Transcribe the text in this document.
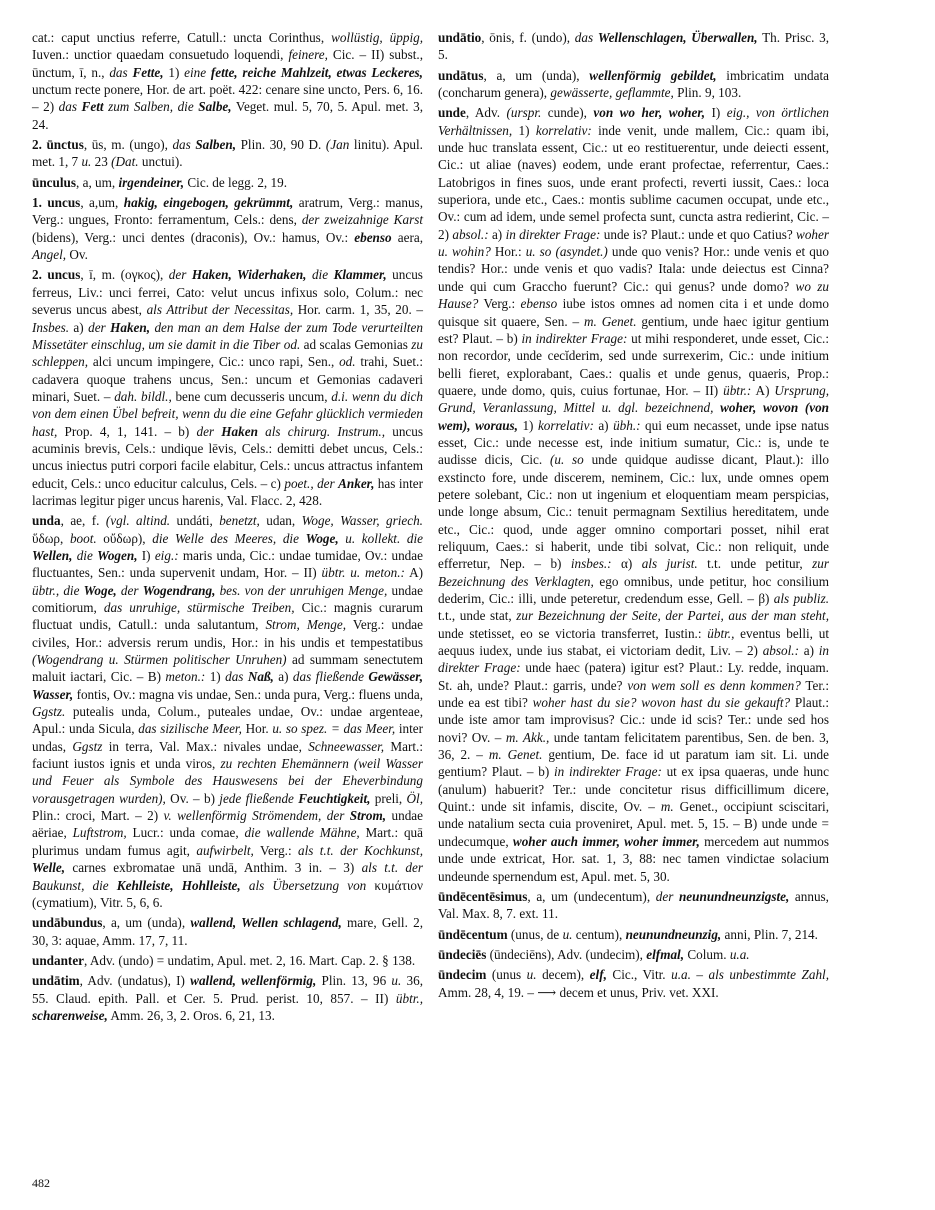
cat.: caput unctius referre, Catull.: uncta Corinthus, wollüstig, üppig, Iuven.: unctior quaedam consuetudo loquendi, feinere, Cic. – II) subst., ūnctum, ī, n., das Fette, 1) eine fette, reiche Mahlzeit, etwas Leckeres, unctum recte ponere, Hor. de art. poët. 422: cenare sine uncto, Pers. 6, 16. – 2) das Fett zum Salben, die Salbe, Veget. mul. 5, 70, 5. Apul. met. 3, 24.

2. ūnctus, ūs, m. (ungo), das Salben, Plin. 30, 90 D. (Jan linitu). Apul. met. 1, 7 u. 23 (Dat. unctui).

ūnculus, a, um, irgendeiner, Cic. de legg. 2, 19.

1. uncus, a,um, hakig, eingebogen, gekrümmt, aratrum, Verg.: manus, Verg.: ungues, Fronto: ferramentum, Cels.: dens, der zweizahnige Karst (bidens), Verg.: unci dentes (draconis), Ov.: hamus, Ov.: ebenso aera, Angel, Ov.

2. uncus, ī, m. (ογκος), der Haken, Widerhaken, die Klammer, uncus ferreus, Liv.: unci ferrei, Cato: velut uncus infixus solo, Colum.: nec severus uncus abest, als Attribut der Necessitas, Hor. carm. 1, 35, 20. – Insbes. a) der Haken, den man an dem Halse der zum Tode verurteilten Missetäter einschlug, um sie damit in die Tiber od. ad scalas Gemonias zu schleppen, alci uncum impingere, Cic.: unco rapi, Sen., od. trahi, Suet.: cadavera quoque trahens uncus, Sen.: uncum et Gemonias cadaveri minari, Suet. – dah. bildl., bene cum decusseris uncum, d.i. wenn du dich von dem einen Übel befreit, wenn du die eine Gefahr glücklich vermieden hast, Prop. 4, 1, 141. – b) der Haken als chirurg. Instrum., uncus acuminis brevis, Cels.: undique lēvis, Cels.: demitti debet uncus, Cels.: uncus iniectus putri corpori facile elabitur, Cels.: uncus attractus infantem educit, Cels.: unco educitur calculus, Cels. – c) poet., der Anker, has inter lacrimas legitur piger uncus harenis, Val. Flacc. 2, 428.

unda, ae, f. (vgl. altind. undáti, benetzt, udan, Woge, Wasser, griech. ὕδωρ, boot. οὔδωρ), die Welle des Meeres, die Woge, u. kollekt. die Wellen, die Wogen, I) eig.: maris unda, Cic.: undae tumidae, Ov.: undae fluctuantes, Sen.: unda supervenit undam, Hor. – II) übtr. u. meton.: A) übtr., die Woge, der Wogendrang, bes. von der unruhigen Menge, undae comitiorum, das unruhige, stürmische Treiben, Cic.: magnis curarum fluctuat undis, Catull.: unda salutantum, Strom, Menge, Verg.: undae civiles, Hor.: adversis rerum undis, Hor.: in his undis et tempestatibus (Wogendrang u. Stürmen politischer Unruhen) ad summam senectutem maluit iactari, Cic. – B) meton.: 1) das Naß, a) das fließende Gewässer, Wasser, fontis, Ov.: magna vis undae, Sen.: unda pura, Verg.: fluens unda, Ggstz. putealis unda, Colum., puteales undae, Ov.: undae argenteae, Apul.: unda Sicula, das sizilische Meer, Hor. u. so spez. = das Meer, inter undas, Ggstz in terra, Val. Max.: nivales undae, Schneewasser, Mart.: faciunt iustos ignis et unda viros, zu rechten Ehemännern (weil Wasser und Feuer als Symbole des Hauswesens bei der Eheverbindung vorausgetragen wurden), Ov. – b) jede fließende Feuchtigkeit, preli, Öl, Plin.: croci, Mart. – 2) v. wellenförmig Strömendem, der Strom, undae aëriae, Luftstrom, Lucr.: unda comae, die wallende Mähne, Mart.: quā plurimus undam fumus agit, aufwirbelt, Verg.: als t.t. der Kochkunst, Welle, carnes exbromatae unā undā, Anthim. 3 in. – 3) als t.t. der Baukunst, die Kehlleiste, Hohlleiste, als Übersetzung von κυμάτιον (cymatium), Vitr. 5, 6, 6.

undābundus, a, um (unda), wallend, Wellen schlagend, mare, Gell. 2, 30, 3: aquae, Amm. 17, 7, 11.

undanter, Adv. (undo) = undatim, Apul. met. 2, 16. Mart. Cap. 2. § 138.

undātim, Adv. (undatus), I) wallend, wellenförmig, Plin. 13, 96 u. 36, 55. Claud. epith. Pall. et Cer. 5. Prud. perist. 10, 857. – II) übtr., scharenweise, Amm. 26, 3, 2. Oros. 6, 21, 13.

undātio, ōnis, f. (undo), das Wellenschlagen, Überwallen, Th. Prisc. 3, 5.

undātus, a, um (unda), wellenförmig gebildet, imbricatim undata (concharum genera), gewässerte, geflammte, Plin. 9, 103.

unde, Adv. (urspr. cunde), von wo her, woher, I) eig., von örtlichen Verhältnissen, 1) korrelativ: inde venit, unde mallem, Cic.: quam ibi, unde huc translata essent, Cic.: ut eo restituerentur, unde deiecti essent, Cic.: ut aliae (naves) eodem, unde erant profectae, referrentur, Caes.: Latobrigos in fines suos, unde erant profecti, reverti iussit, Caes.: loca superiora, unde etc., Caes.: montis sublime cacumen occupat, unde etc., Ov.: cum ad idem, unde semel profecta sunt, cuncta astra redierint, Cic. – 2) absol.: a) in direkter Frage: unde is? Plaut.: unde et quo Catius? woher u. wohin? Hor.: u. so (asyndet.) unde quo venis? Hor.: unde venis et quo tendis? Hor.: unde venis et quo vadis? Itala: unde deiectus est Cinna? unde qui cum Graccho fuerunt? Cic.: qui genus? unde domo? wo zu Hause? Verg.: ebenso iube istos omnes ad nomen cita i et unde domo quisque sit quaere, Sen. – m. Genet. gentium, unde haec igitur gentium est? Plaut. – b) in indirekter Frage: ut mihi responderet, unde esset, Cic.: non recordor, unde cecĭderim, sed unde surrexerim, Cic.: unde initium belli fieret, explorabant, Caes.: qualis et unde genus, quaeris, Prop.: quaere, unde domo, quis, cuius fortunae, Hor. – II) übtr.: A) Ursprung, Grund, Veranlassung, Mittel u. dgl. bezeichnend, woher, wovon (von wem), woraus, 1) korrelativ: a) übh.: qui eum necasset, unde ipse natus esset, Cic.: unde necesse est, inde initium sumatur, Cic.: is, unde te audisse dicis, Cic. (u. so unde quidque audisse dicant, Plaut.): illo exstincto fore, unde discerem, neminem, Cic.: lux, unde omnes opem petere solebant, Cic.: non ut ingenium et eloquentiam meam perspicias, unde longe absum, Cic.: tenuit permagnam Sextilius hereditatem, unde etc., Cic.: quod, unde agger omnino comportari posset, nihil erat reliquum, Caes.: si haberit, unde tibi solvat, Cic.: non reliquit, unde efferretur, Nep. – b) insbes.: α) als jurist. t.t. unde petitur, zur Bezeichnung des Verklagten, ego omnibus, unde petitur, hoc consilium dederim, Cic.: illi, unde peteretur, credendum esse, Gell. – β) als publiz. t.t., unde stat, zur Bezeichnung der Seite, der Partei, aus der man steht, unde stetisset, eo se victoria transferret, Iustin.: übtr., eventus belli, ut aequus iudex, unde ius stabat, ei victoriam dedit, Liv. – 2) absol.: a) in direkter Frage: unde haec (patera) igitur est? Plaut.: Ly. redde, inquam. St. ah, unde? Plaut.: garris, unde? von wem soll es denn kommen? Ter.: unde ea est tibi? woher hast du sie? wovon hast du sie gekauft? Plaut.: unde iste amor tam improvisus? Cic.: unde id scis? Ter.: unde sed hos novi? Ov. – m. Akk., unde tantam felicitatem parentibus, Sen. de ben. 3, 36, 2. – m. Genet. gentium, De. face id ut paratum iam sit. Li. unde gentium? Plaut. – b) in indirekter Frage: ut ex ipsa quaeras, unde hunc (anulum) habuerit? Ter.: unde concitetur risus difficillimum dicere, Quint.: unde sit infamis, discite, Ov. – m. Genet., occipiunt sciscitari, unde natalium secta cuia proveniret, Apul. met. 5, 15. – B) unde unde = undecumque, woher auch immer, woher immer, mercedem aut nummos unde unde extricat, Hor. sat. 1, 3, 88: nec tamen vindictae solacium undeunde spernendum est, Apul. met. 5, 30.

ūndēcentēsimus, a, um (undecentum), der neunundneunzigste, annus, Val. Max. 8, 7. ext. 11.

ūndēcentum (unus, de u. centum), neunundneunzig, anni, Plin. 7, 214.

ūndeciēs (ūndeciēns), Adv. (undecim), elfmal, Colum. u.a.

ūndecim (unus u. decem), elf, Cic., Vitr. u.a. – als unbestimmte Zahl, Amm. 28, 4, 19. – ⟶ decem et unus, Priv. vet. XXI.

482
